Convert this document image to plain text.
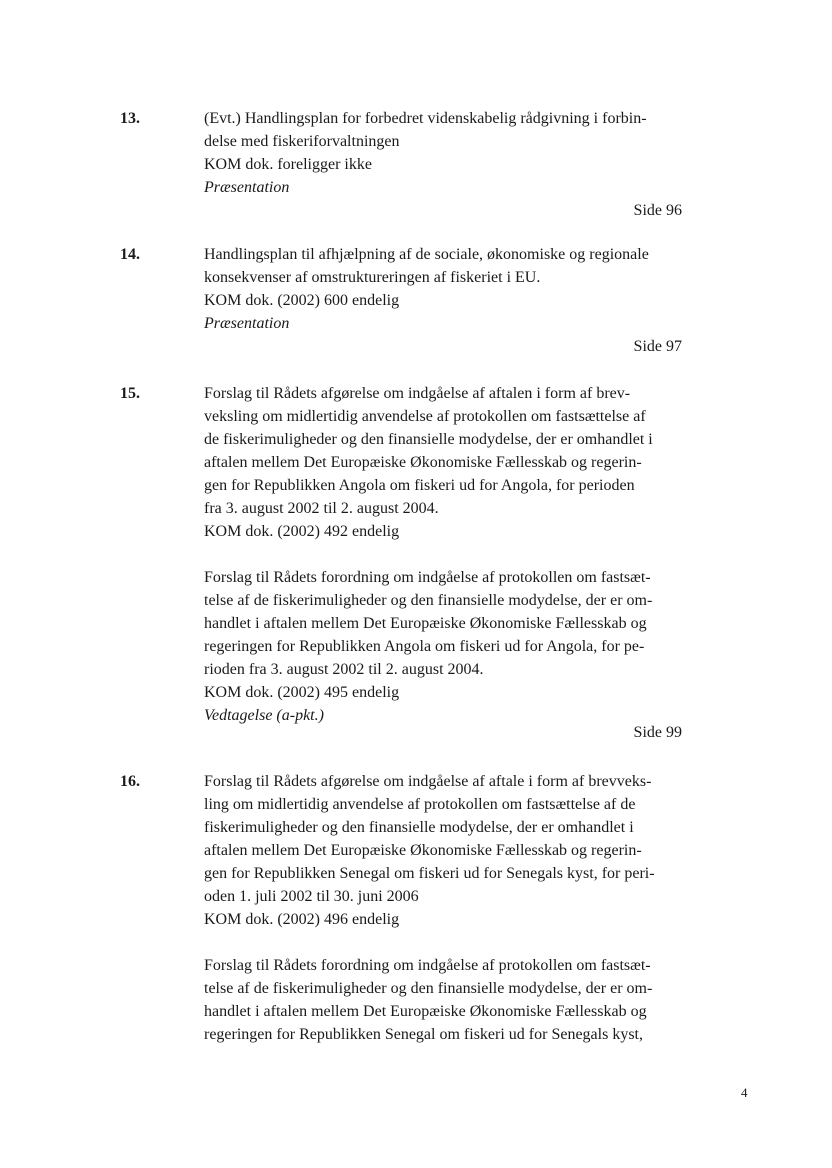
13.	(Evt.) Handlingsplan for forbedret videnskabelig rådgivning i forbin-
delse med fiskeriforvaltningen
KOM dok. foreligger ikke
Præsentation
Side 96
14.	Handlingsplan til afhjælpning af de sociale, økonomiske og regionale
konsekvenser af omstruktureringen af fiskeriet i EU.
KOM dok. (2002) 600 endelig
Præsentation
Side 97
15.	Forslag til Rådets afgørelse om indgåelse af aftalen i form af brev-
veksling om midlertidig anvendelse af protokollen om fastsættelse af
de fiskerimuligheder og den finansielle modydelse, der er omhandlet i
aftalen mellem Det Europæiske Økonomiske Fællesskab og regerin-
gen for Republikken Angola om fiskeri ud for Angola, for perioden
fra 3. august 2002 til 2. august 2004.
KOM dok. (2002) 492 endelig
Forslag til Rådets forordning om indgåelse af protokollen om fastsæt-
telse af de fiskerimuligheder og den finansielle modydelse, der er om-
handlet i aftalen mellem Det Europæiske Økonomiske Fællesskab og
regeringen for Republikken Angola om fiskeri ud for Angola, for pe-
rioden fra 3. august 2002 til 2. august 2004.
KOM dok. (2002) 495 endelig
Vedtagelse (a-pkt.)
Side 99
16.	Forslag til Rådets afgørelse om indgåelse af aftale i form af brevveks-
ling om midlertidig anvendelse af protokollen om fastsættelse af de
fiskerimuligheder og den finansielle modydelse, der er omhandlet i
aftalen mellem Det Europæiske Økonomiske Fællesskab og regerin-
gen for Republikken Senegal om fiskeri ud for Senegals kyst, for peri-
oden 1. juli 2002 til 30. juni 2006
KOM dok. (2002) 496 endelig
Forslag til Rådets forordning om indgåelse af protokollen om fastsæt-
telse af de fiskerimuligheder og den finansielle modydelse, der er om-
handlet i aftalen mellem Det Europæiske Økonomiske Fællesskab og
regeringen for Republikken Senegal om fiskeri ud for Senegals kyst,
4
